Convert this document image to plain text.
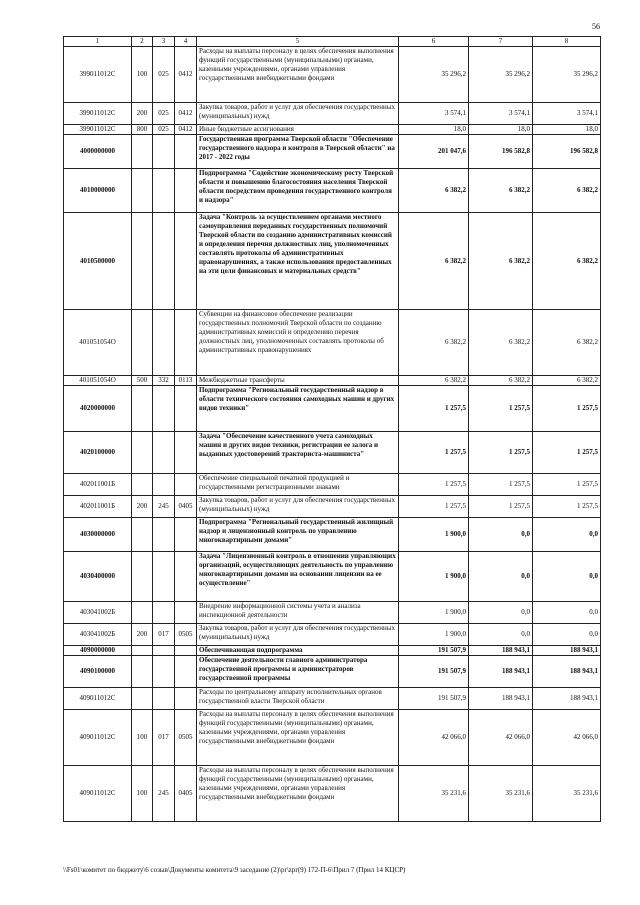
56
1	2	3	4	5	6	7	8
399011012С	100	025	0412	Расходы на выплаты персоналу в целях обеспечения выполнения функций государственными (муниципальными) органами, казенными учреждениями, органами управления государственными внебюджетными фондами	35 296,2	35 296,2	35 296,2
399011012С	200	025	0412	Закупка товаров, работ и услуг для обеспечения государственных (муниципальных) нужд	3 574,1	3 574,1	3 574,1
399011012С	800	025	0412	Иные бюджетные ассигнования	18,0	18,0	18,0
4000000000				Государственная программа Тверской области "Обеспечение государственного надзора и контроля в Тверской области" на 2017 - 2022 годы	201 047,6	196 582,8	196 582,8
4010000000				Подпрограмма "Содействие экономическому росту Тверской области и повышению благосостояния населения Тверской области посредством проведения государственного контроля и надзора"	6 382,2	6 382,2	6 382,2
4010500000				Задача "Контроль за осуществлением органами местного самоуправления переданных государственных полномочий Тверской области по созданию административных комиссий и определения перечня должностных лиц, уполномоченных составлять протоколы об административных правонарушениях, а также использования предоставленных на эти цели финансовых и материальных средств"	6 382,2	6 382,2	6 382,2
401051054О				Субвенции на финансовое обеспечение реализации государственных полномочий Тверской области по созданию административных комиссий и определению перечня должностных лиц, уполномоченных составлять протоколы об административных правонарушениях	6 382,2	6 382,2	6 382,2
401051054О	500	332	0113	Межбюджетные трансферты	6 382,2	6 382,2	6 382,2
4020000000				Подпрограмма "Региональный государственный надзор в области технического состояния самоходных машин и других видов техники"	1 257,5	1 257,5	1 257,5
4020100000				Задача "Обеспечение качественного учета самоходных машин и других видов техники, регистрации ее залога и выданных удостоверений тракториста-машиниста"	1 257,5	1 257,5	1 257,5
402011001Б				Обеспечение специальной печатной продукцией и государственными регистрационными знаками	1 257,5	1 257,5	1 257,5
402011001Б	200	245	0405	Закупка товаров, работ и услуг для обеспечения государственных (муниципальных) нужд	1 257,5	1 257,5	1 257,5
4030000000				Подпрограмма "Региональный государственный жилищный надзор и лицензионный контроль по управлению многоквартирными домами"	1 900,0	0,0	0,0
4030400000				Задача "Лицензионный контроль в отношении управляющих организаций, осуществляющих деятельность по управлению многоквартирными домами на основании лицензии на ее осуществление"	1 900,0	0,0	0,0
403041002Б				Внедрение информационной системы учета и анализа инспекционной деятельности	1 900,0	0,0	0,0
403041002Б	200	017	0505	Закупка товаров, работ и услуг для обеспечения государственных (муниципальных) нужд	1 900,0	0,0	0,0
4090000000				Обеспечивающая подпрограмма	191 507,9	188 943,1	188 943,1
4090100000				Обеспечение деятельности главного администратора государственной программы и администраторов государственной программы	191 507,9	188 943,1	188 943,1
409011012С				Расходы по центральному аппарату исполнительных органов государственной власти Тверской области	191 507,9	188 943,1	188 943,1
409011012С	100	017	0505	Расходы на выплаты персоналу в целях обеспечения выполнения функций государственными (муниципальными) органами, казенными учреждениями, органами управления государственными внебюджетными фондами	42 066,0	42 066,0	42 066,0
409011012С	100	245	0405	Расходы на выплаты персоналу в целях обеспечения выполнения функций государственными (муниципальными) органами, казенными учреждениями, органами управления государственными внебюджетными фондами	35 231,6	35 231,6	35 231,6
\\Fs01\комитет по бюджету\6 созыв\Документы комитета\9 заседание (2)\pr\zpr(9) 172-П-6\Прил 7 (Прил 14 КЦСР)
